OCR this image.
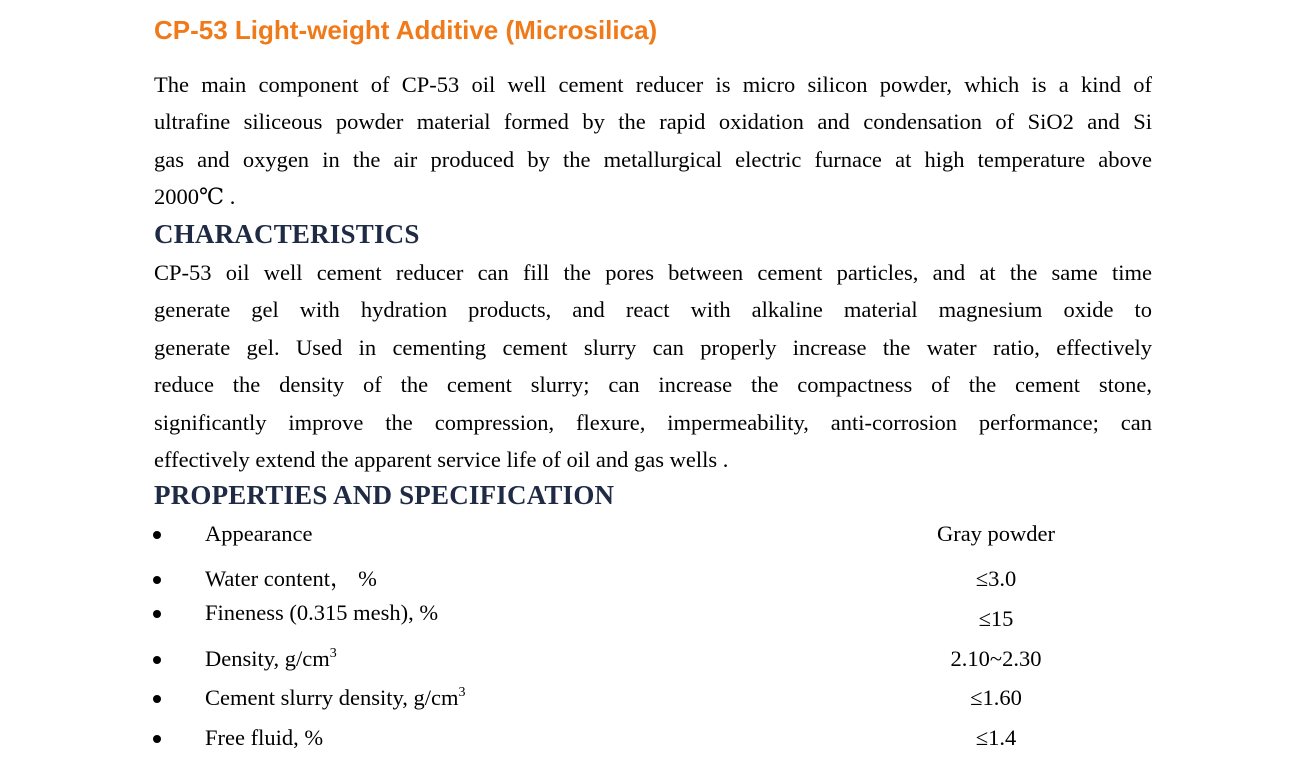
CP-53 Light-weight Additive (Microsilica)

The main component of CP-53 oil well cement reducer is micro silicon powder, which is a kind of
ultrafine siliceous powder material formed by the rapid oxidation and condensation of SiO2 and Si
gas and oxygen in the air produced by the metallurgical electric furnace at high temperature above
2000℃ .

CHARACTERISTICS

CP-53 oil well cement reducer can fill the pores between cement particles, and at the same time
generate gel with hydration products, and react with alkaline material magnesium oxide to
generate gel. Used in cementing cement slurry can properly increase the water ratio, effectively
reduce the density of the cement slurry; can increase the compactness of the cement stone,
significantly improve the compression, flexure, impermeability, anti-corrosion performance; can
effectively extend the apparent service life of oil and gas wells .

PROPERTIES AND SPECIFICATION
Appearance	Gray powder
Water content， %	≤3.0
Fineness (0.315 mesh), %	≤15
Density, $g/cm^3$	2.10~2.30
Cement slurry density, $g/cm^3$	≤1.60
Free fluid, %	≤1.4
